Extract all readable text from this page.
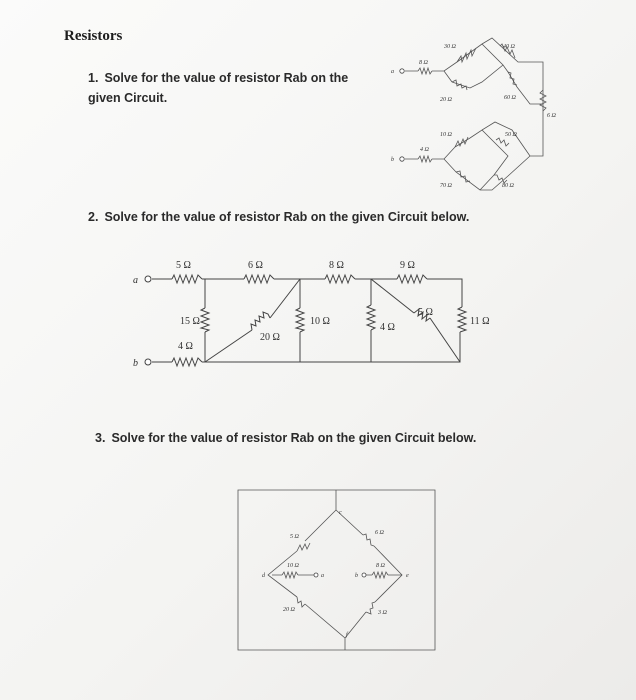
Resistors
1. Solve for the value of resistor Rab on the given Circuit.
2. Solve for the value of resistor Rab on the given Circuit below.
3. Solve for the value of resistor Rab on the given Circuit below.
a
b
8 Ω
4 Ω
30 Ω	40 Ω
20 Ω	60 Ω
6 Ω
10 Ω	50 Ω
70 Ω	80 Ω
a
b
5 Ω	6 Ω	8 Ω	9 Ω
15 Ω
20 Ω
10 Ω
4 Ω
5 Ω
11 Ω
4 Ω
a	b
c
d	e
f
5 Ω
6 Ω
10 Ω	8 Ω
20 Ω	3 Ω
